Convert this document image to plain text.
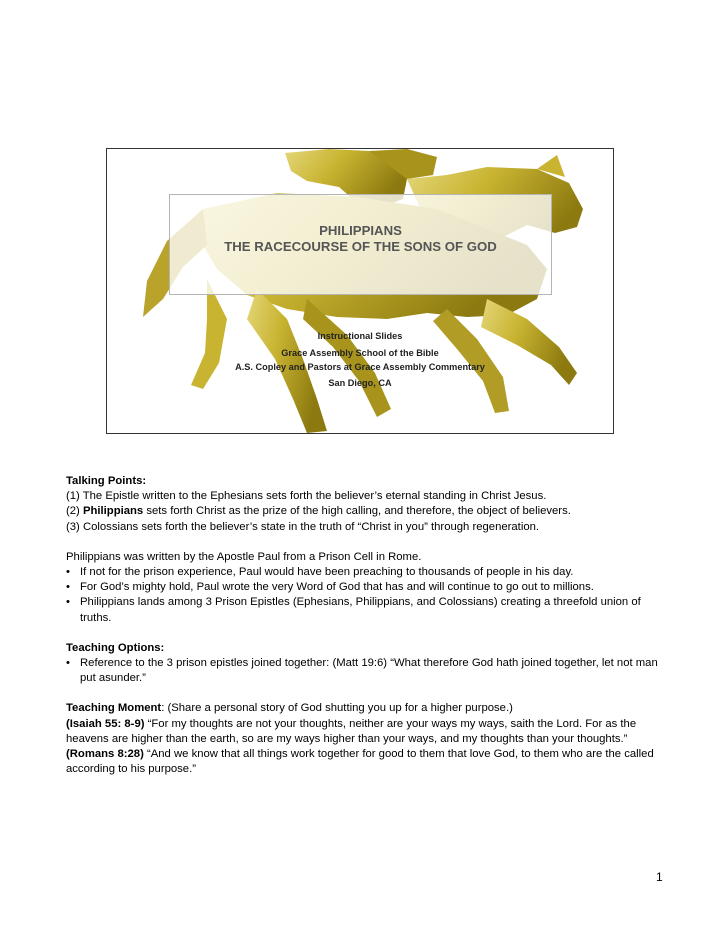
PHILIPPIANS
THE RACECOURSE OF THE SONS OF GOD
Instructional Slides
Grace Assembly School of the Bible
A.S. Copley and Pastors at Grace Assembly Commentary
San Diego, CA

Talking Points:

(1) The Epistle written to the Ephesians sets forth the believer’s eternal standing in Christ Jesus.

(2) Philippians sets forth Christ as the prize of the high calling, and therefore, the object of believers.

(3) Colossians sets forth the believer’s state in the truth of “Christ in you” through regeneration.

Philippians was written by the Apostle Paul from a Prison Cell in Rome.

• If not for the prison experience, Paul would have been preaching to thousands of people in his day.
• For God’s mighty hold, Paul wrote the very Word of God that has and will continue to go out to millions.
• Philippians lands among 3 Prison Epistles (Ephesians, Philippians, and Colossians) creating a threefold union of truths.

Teaching Options:

• Reference to the 3 prison epistles joined together: (Matt 19:6) “What therefore God hath joined together, let not man put asunder.”

Teaching Moment: (Share a personal story of God shutting you up for a higher purpose.)

(Isaiah 55: 8-9) “For my thoughts are not your thoughts, neither are your ways my ways, saith the Lord. For as the heavens are higher than the earth, so are my ways higher than your ways, and my thoughts than your thoughts.”

(Romans 8:28) “And we know that all things work together for good to them that love God, to them who are the called according to his purpose.”

1
